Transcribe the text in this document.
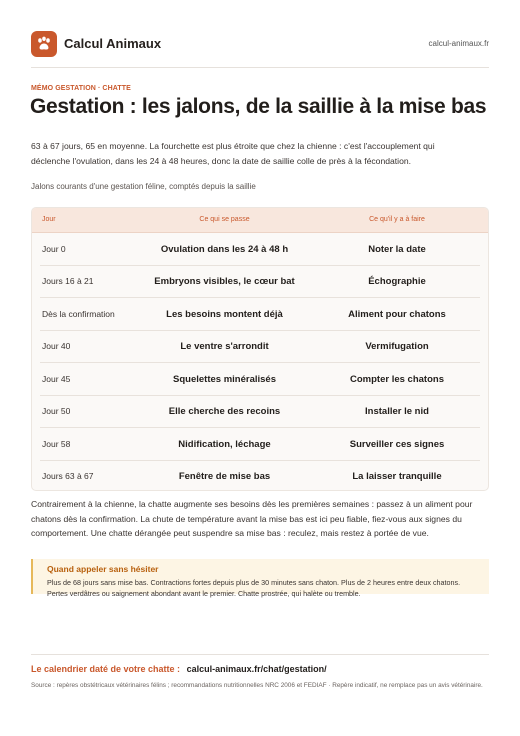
Calcul Animaux	calcul-animaux.fr
MÉMO GESTATION · CHATTE
Gestation : les jalons, de la saillie à la mise bas

63 à 67 jours, 65 en moyenne. La fourchette est plus étroite que chez la chienne : c'est l'accouplement qui déclenche l'ovulation, dans les 24 à 48 heures, donc la date de saillie colle de près à la fécondation.

Jalons courants d'une gestation féline, comptés depuis la saillie

Jour	Ce qui se passe	Ce qu'il y a à faire
Jour 0	Ovulation dans les 24 à 48 h	Noter la date
Jours 16 à 21	Embryons visibles, le cœur bat	Échographie
Dès la confirmation	Les besoins montent déjà	Aliment pour chatons
Jour 40	Le ventre s'arrondit	Vermifugation
Jour 45	Squelettes minéralisés	Compter les chatons
Jour 50	Elle cherche des recoins	Installer le nid
Jour 58	Nidification, léchage	Surveiller ces signes
Jours 63 à 67	Fenêtre de mise bas	La laisser tranquille

Contrairement à la chienne, la chatte augmente ses besoins dès les premières semaines : passez à un aliment pour chatons dès la confirmation. La chute de température avant la mise bas est ici peu fiable, fiez-vous aux signes du comportement. Une chatte dérangée peut suspendre sa mise bas : reculez, mais restez à portée de vue.

Quand appeler sans hésiter
Plus de 68 jours sans mise bas. Contractions fortes depuis plus de 30 minutes sans chaton. Plus de 2 heures entre deux chatons. Pertes verdâtres ou saignement abondant avant le premier. Chatte prostrée, qui halète ou tremble.
Le calendrier daté de votre chatte : calcul-animaux.fr/chat/gestation/
Source : repères obstétricaux vétérinaires félins ; recommandations nutritionnelles NRC 2006 et FEDIAF · Repère indicatif, ne remplace pas un avis vétérinaire.
